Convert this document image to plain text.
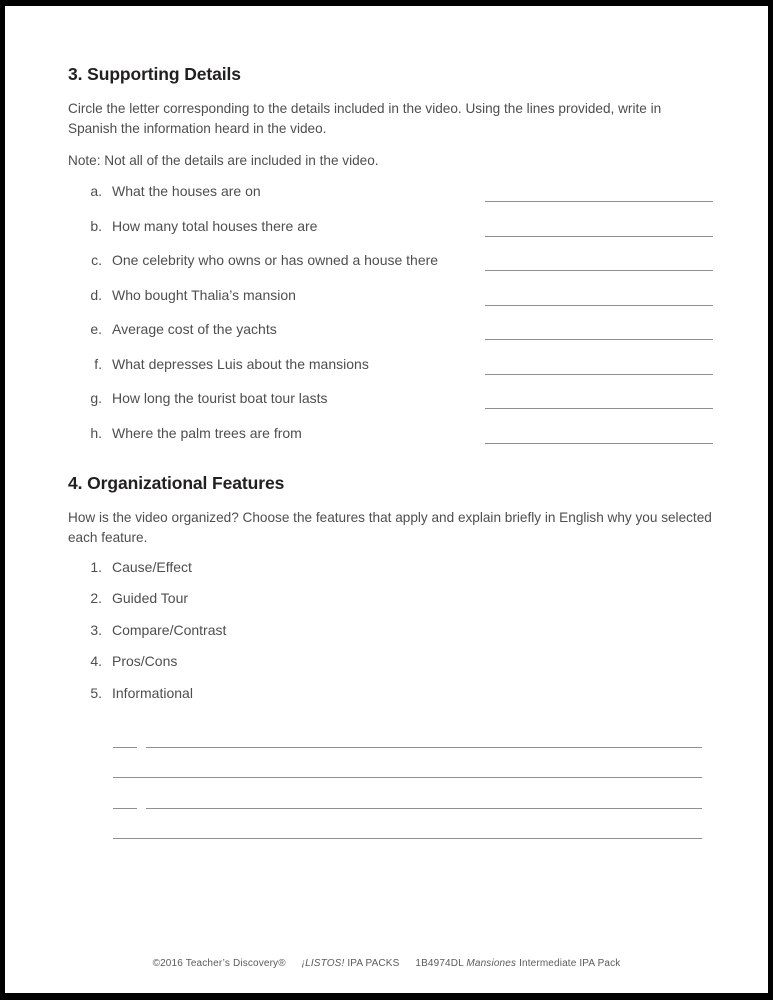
3. Supporting Details

Circle the letter corresponding to the details included in the video. Using the lines provided, write in Spanish the information heard in the video.

Note: Not all of the details are included in the video.

a. What the houses are on
b. How many total houses there are
c. One celebrity who owns or has owned a house there
d. Who bought Thalia’s mansion
e. Average cost of the yachts
f. What depresses Luis about the mansions
g. How long the tourist boat tour lasts
h. Where the palm trees are from
4. Organizational Features

How is the video organized? Choose the features that apply and explain briefly in English why you selected each feature.

1. Cause/Effect
2. Guided Tour
3. Compare/Contrast
4. Pros/Cons
5. Informational
©2016 Teacher’s Discovery® ¡LISTOS! IPA PACKS 1B4974DL Mansiones Intermediate IPA Pack
